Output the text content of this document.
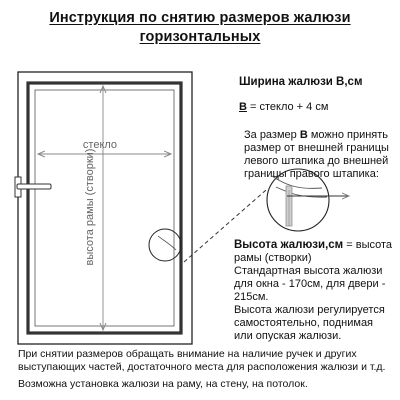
Инструкция по снятию размеров жалюзи
горизонтальных
стекло
высота рамы (створки)
Ширина жалюзи В,см
В = стекло + 4 см
За размер В можно принять
размер от внешней границы
левого штапика до внешней
границы правого штапика:
Высота жалюзи,см = высота
рамы (створки)
Стандартная высота жалюзи
для окна - 170см, для двери -
215см.
Высота жалюзи регулируется
самостоятельно, поднимая
или опуская жалюзи.
При снятии размеров обращать внимание на наличие ручек и других
выступающих частей, достаточного места для расположения жалюзи и т.д.
Возможна установка жалюзи на раму, на стену, на потолок.
